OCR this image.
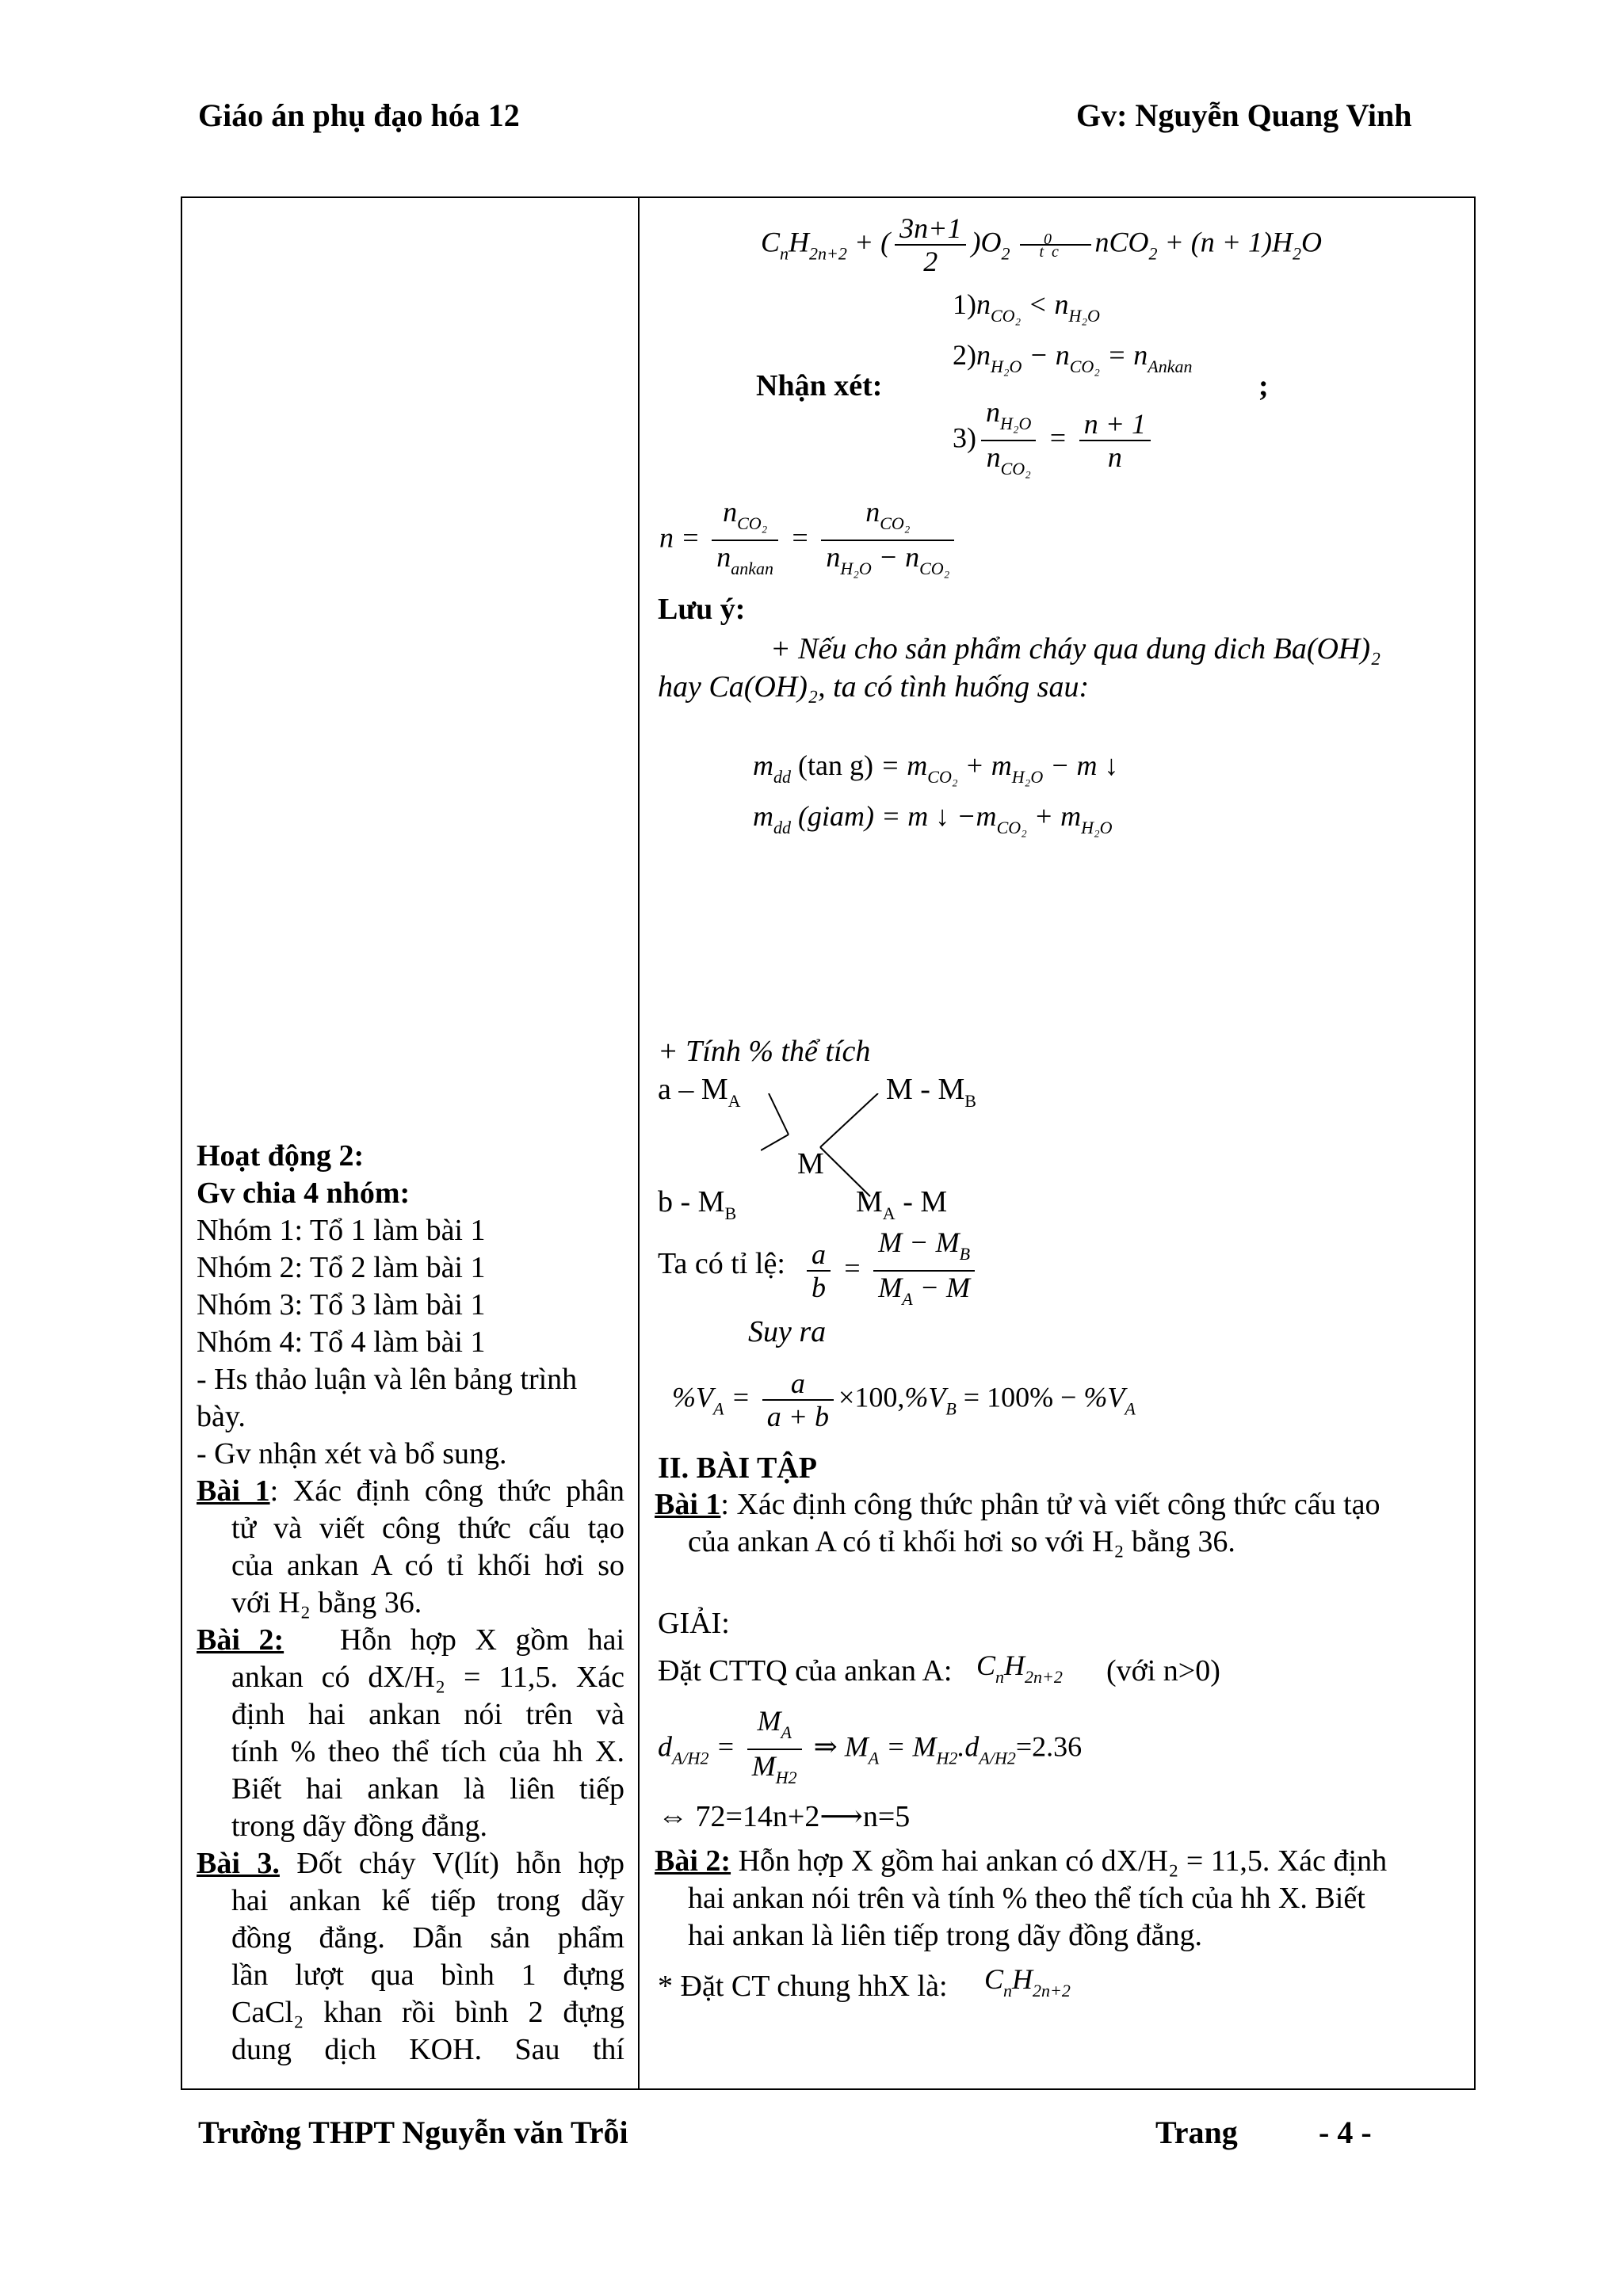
Giáo án phụ đạo hóa 12	Gv: Nguyễn Quang Vinh
$C_nH_{2n+2}$ + ( $\frac{3n+1}{2} )O_2$ t0c $nCO_2 + (n + 1)H_2O$
$1)n_{CO_2} < n_{H_2O}$
$2)n_{H_2O} - n_{CO_2} = n_{Ankan}$
Nhận xét:	;
$3) \frac{n_{H_2O}}{n_{CO_2}} = \frac{n + 1}{n}$
$n = \frac{n_{CO_2}}{n_{ankan}} = \frac{n_{CO_2}}{n_{H_2O} - n_{CO_2}}$
Lưu ý:
+ Nếu cho sản phẩm cháy qua dung dich Ba(OH)₂
hay Ca(OH)₂, ta có tình huống sau:
$m_{dd}$ (tan $g) = m_{CO_2} + m_{H_2O} - m$ ↓
$m_{dd}$ (giam) = m ↓ $-m_{CO_2} + m_{H_2O}$
+ Tính % thể tích
a – $M_A$	M - $M_B$
M
b - $M_B$	$M_A$ - M
Ta có tỉ lệ: $\frac{a}{b} = \frac{M - M_B}{M_A - M}$
Suy ra
$\%V_A = \frac{a}{a + b} \times 100,\%V_B = 100\% - \%V_A$
II. BÀI TẬP
Bài 1: Xác định công thức phân tử và viết công thức cấu tạo
của ankan A có tỉ khối hơi so với H₂ bằng 36.
GIẢI:
Đặt CTTQ của ankan A: $C_nH_{2n+2}$ (với n>0)
$d_{A/H2} = \frac{M_A}{M_{H2}}$ ⇒ $M_A = M_{H2}.d_{A/H2}=2.36$
⇔ 72=14n+2⟶n=5
Bài 2: Hỗn hợp X gồm hai ankan có dX/H₂ = 11,5. Xác định
hai ankan nói trên và tính % theo thể tích của hh X. Biết
hai ankan là liên tiếp trong dãy đồng đẳng.
* Đặt CT chung hhX là: $C_nH_{2n+2}$
Hoạt động 2:
Gv chia 4 nhóm:
Nhóm 1: Tổ 1 làm bài 1
Nhóm 2: Tổ 2 làm bài 1
Nhóm 3: Tổ 3 làm bài 1
Nhóm 4: Tổ 4 làm bài 1
- Hs thảo luận và lên bảng trình
bày.
- Gv nhận xét và bổ sung.
Bài 1: Xác định công thức phân
tử và viết công thức cấu tạo
của ankan A có tỉ khối hơi so
với H₂ bằng 36.
Bài 2: Hỗn hợp X gồm hai
ankan có dX/H₂ = 11,5. Xác
định hai ankan nói trên và
tính % theo thể tích của hh X.
Biết hai ankan là liên tiếp
trong dãy đồng đẳng.
Bài 3. Đốt cháy V(lít) hỗn hợp
hai ankan kế tiếp trong dãy
đồng đẳng. Dẫn sản phẩm
lần lượt qua bình 1 đựng
CaCl₂ khan rồi bình 2 đựng
dung dịch KOH. Sau thí
Trường THPT Nguyễn văn Trỗi	Trang	- 4 -
